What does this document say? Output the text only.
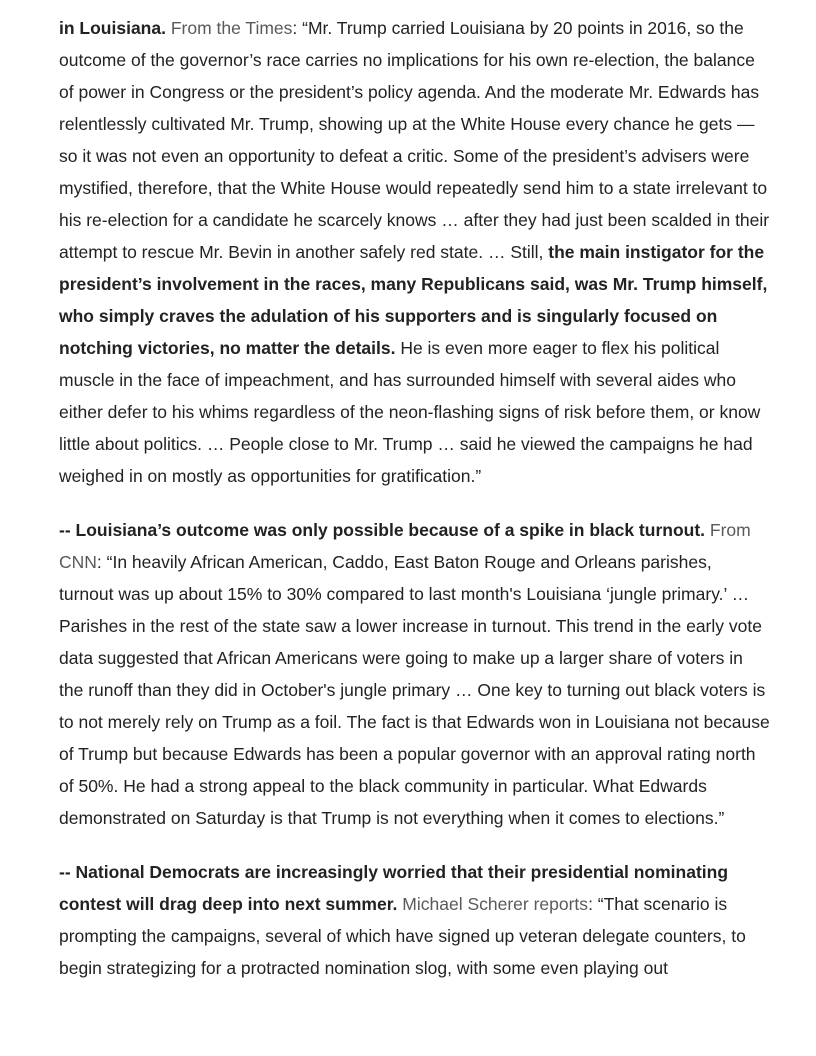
in Louisiana. From the Times: “Mr. Trump carried Louisiana by 20 points in 2016, so the outcome of the governor’s race carries no implications for his own re-election, the balance of power in Congress or the president’s policy agenda. And the moderate Mr. Edwards has relentlessly cultivated Mr. Trump, showing up at the White House every chance he gets — so it was not even an opportunity to defeat a critic. Some of the president’s advisers were mystified, therefore, that the White House would repeatedly send him to a state irrelevant to his re-election for a candidate he scarcely knows … after they had just been scalded in their attempt to rescue Mr. Bevin in another safely red state. … Still, the main instigator for the president’s involvement in the races, many Republicans said, was Mr. Trump himself, who simply craves the adulation of his supporters and is singularly focused on notching victories, no matter the details. He is even more eager to flex his political muscle in the face of impeachment, and has surrounded himself with several aides who either defer to his whims regardless of the neon-flashing signs of risk before them, or know little about politics. … People close to Mr. Trump … said he viewed the campaigns he had weighed in on mostly as opportunities for gratification.”

-- Louisiana’s outcome was only possible because of a spike in black turnout. From CNN: “In heavily African American, Caddo, East Baton Rouge and Orleans parishes, turnout was up about 15% to 30% compared to last month's Louisiana ‘jungle primary.’ … Parishes in the rest of the state saw a lower increase in turnout. This trend in the early vote data suggested that African Americans were going to make up a larger share of voters in the runoff than they did in October's jungle primary … One key to turning out black voters is to not merely rely on Trump as a foil. The fact is that Edwards won in Louisiana not because of Trump but because Edwards has been a popular governor with an approval rating north of 50%. He had a strong appeal to the black community in particular. What Edwards demonstrated on Saturday is that Trump is not everything when it comes to elections.”

-- National Democrats are increasingly worried that their presidential nominating contest will drag deep into next summer. Michael Scherer reports: “That scenario is prompting the campaigns, several of which have signed up veteran delegate counters, to begin strategizing for a protracted nomination slog, with some even playing out
